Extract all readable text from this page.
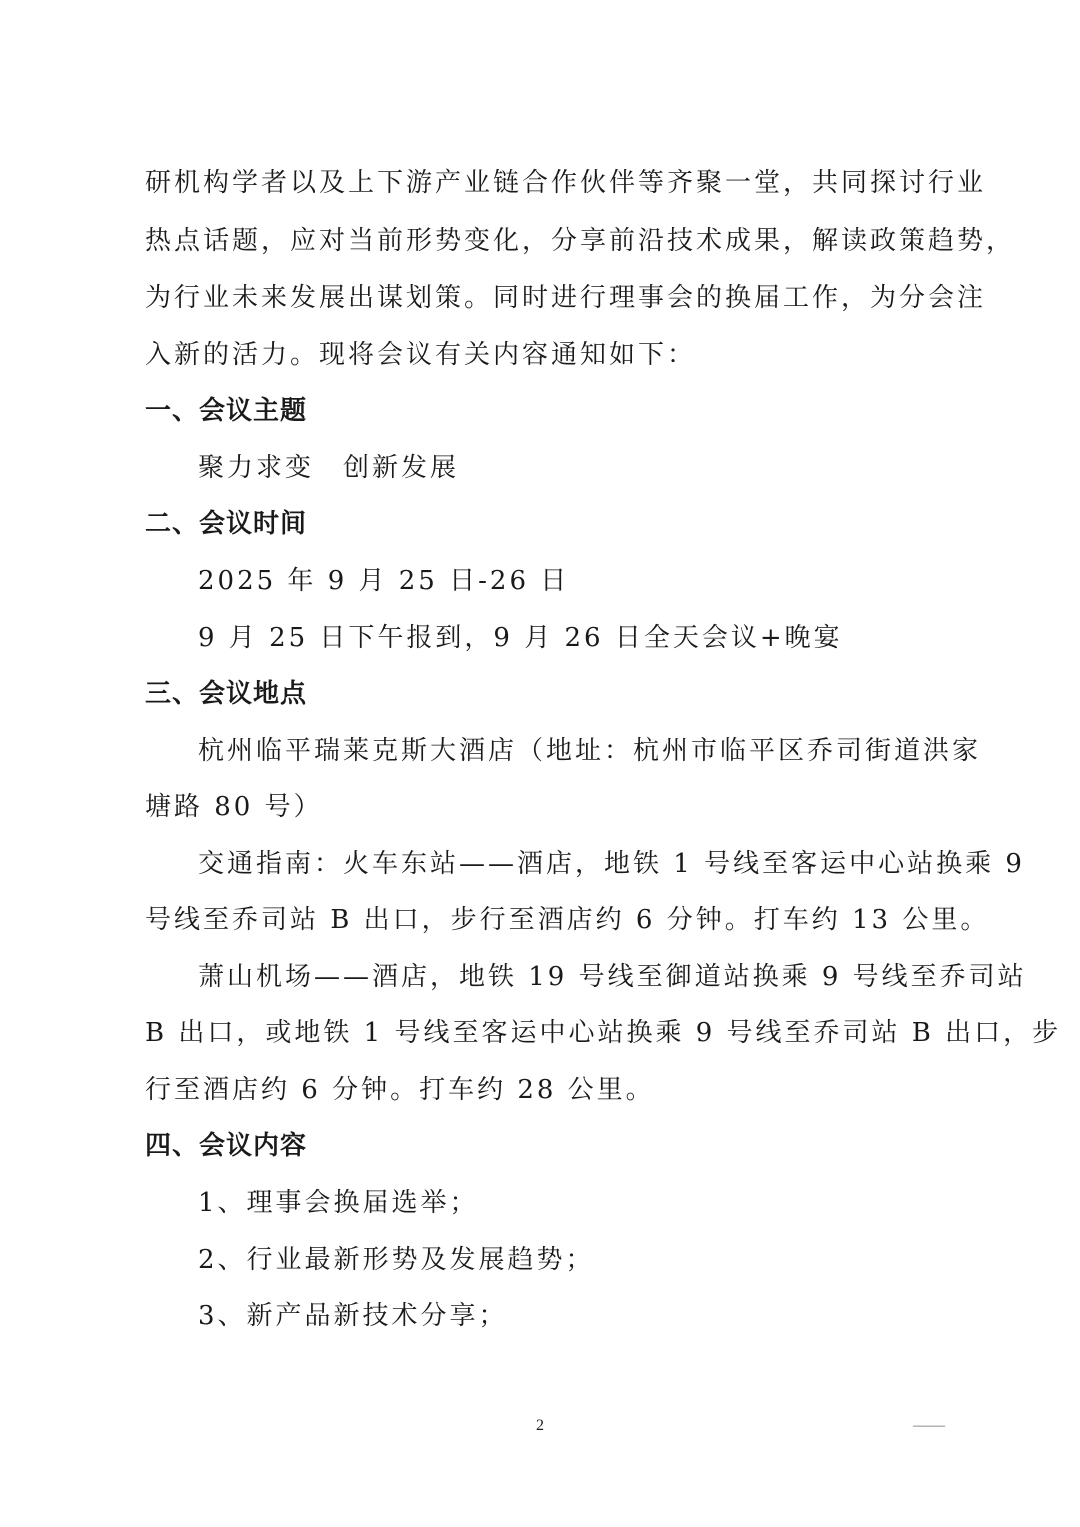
研机构学者以及上下游产业链合作伙伴等齐聚一堂，共同探讨行业
热点话题，应对当前形势变化，分享前沿技术成果，解读政策趋势，
为行业未来发展出谋划策。同时进行理事会的换届工作，为分会注
入新的活力。现将会议有关内容通知如下：
一、会议主题
聚力求变　创新发展
二、会议时间
2025 年 9 月 25 日-26 日
9 月 25 日下午报到，9 月 26 日全天会议+晚宴
三、会议地点
杭州临平瑞莱克斯大酒店（地址：杭州市临平区乔司街道洪家
塘路 80 号）
交通指南：火车东站——酒店，地铁 1 号线至客运中心站换乘 9
号线至乔司站 B 出口，步行至酒店约 6 分钟。打车约 13 公里。
萧山机场——酒店，地铁 19 号线至御道站换乘 9 号线至乔司站
B 出口，或地铁 1 号线至客运中心站换乘 9 号线至乔司站 B 出口，步
行至酒店约 6 分钟。打车约 28 公里。
四、会议内容
1、理事会换届选举；
2、行业最新形势及发展趋势；
3、新产品新技术分享；
2	——
